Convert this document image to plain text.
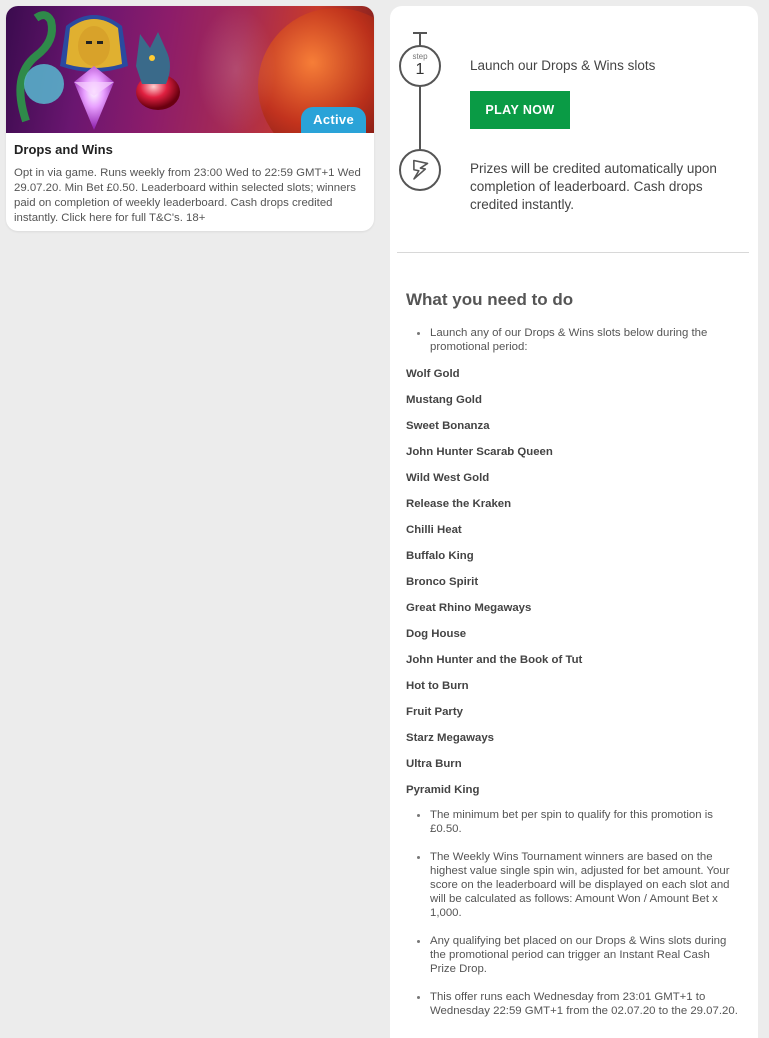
Active
Drops and Wins
Opt in via game. Runs weekly from 23:00 Wed to 22:59 GMT+1 Wed 29.07.20. Min Bet £0.50. Leaderboard within selected slots; winners paid on completion of weekly leaderboard. Cash drops credited instantly. Click here for full T&C's. 18+
step
1	Launch our Drops & Wins slots
PLAY NOW
Prizes will be credited automatically upon completion of leaderboard. Cash drops credited instantly.
What you need to do
Launch any of our Drops & Wins slots below during the promotional period:
Wolf Gold
Mustang Gold
Sweet Bonanza
John Hunter Scarab Queen
Wild West Gold
Release the Kraken
Chilli Heat
Buffalo King
Bronco Spirit
Great Rhino Megaways
Dog House
John Hunter and the Book of Tut
Hot to Burn
Fruit Party
Starz Megaways
Ultra Burn
Pyramid King
The minimum bet per spin to qualify for this promotion is £0.50.
The Weekly Wins Tournament winners are based on the highest value single spin win, adjusted for bet amount. Your score on the leaderboard will be displayed on each slot and will be calculated as follows: Amount Won / Amount Bet x 1,000.
Any qualifying bet placed on our Drops & Wins slots during the promotional period can trigger an Instant Real Cash Prize Drop.
This offer runs each Wednesday from 23:01 GMT+1 to Wednesday 22:59 GMT+1 from the 02.07.20 to the 29.07.20.
